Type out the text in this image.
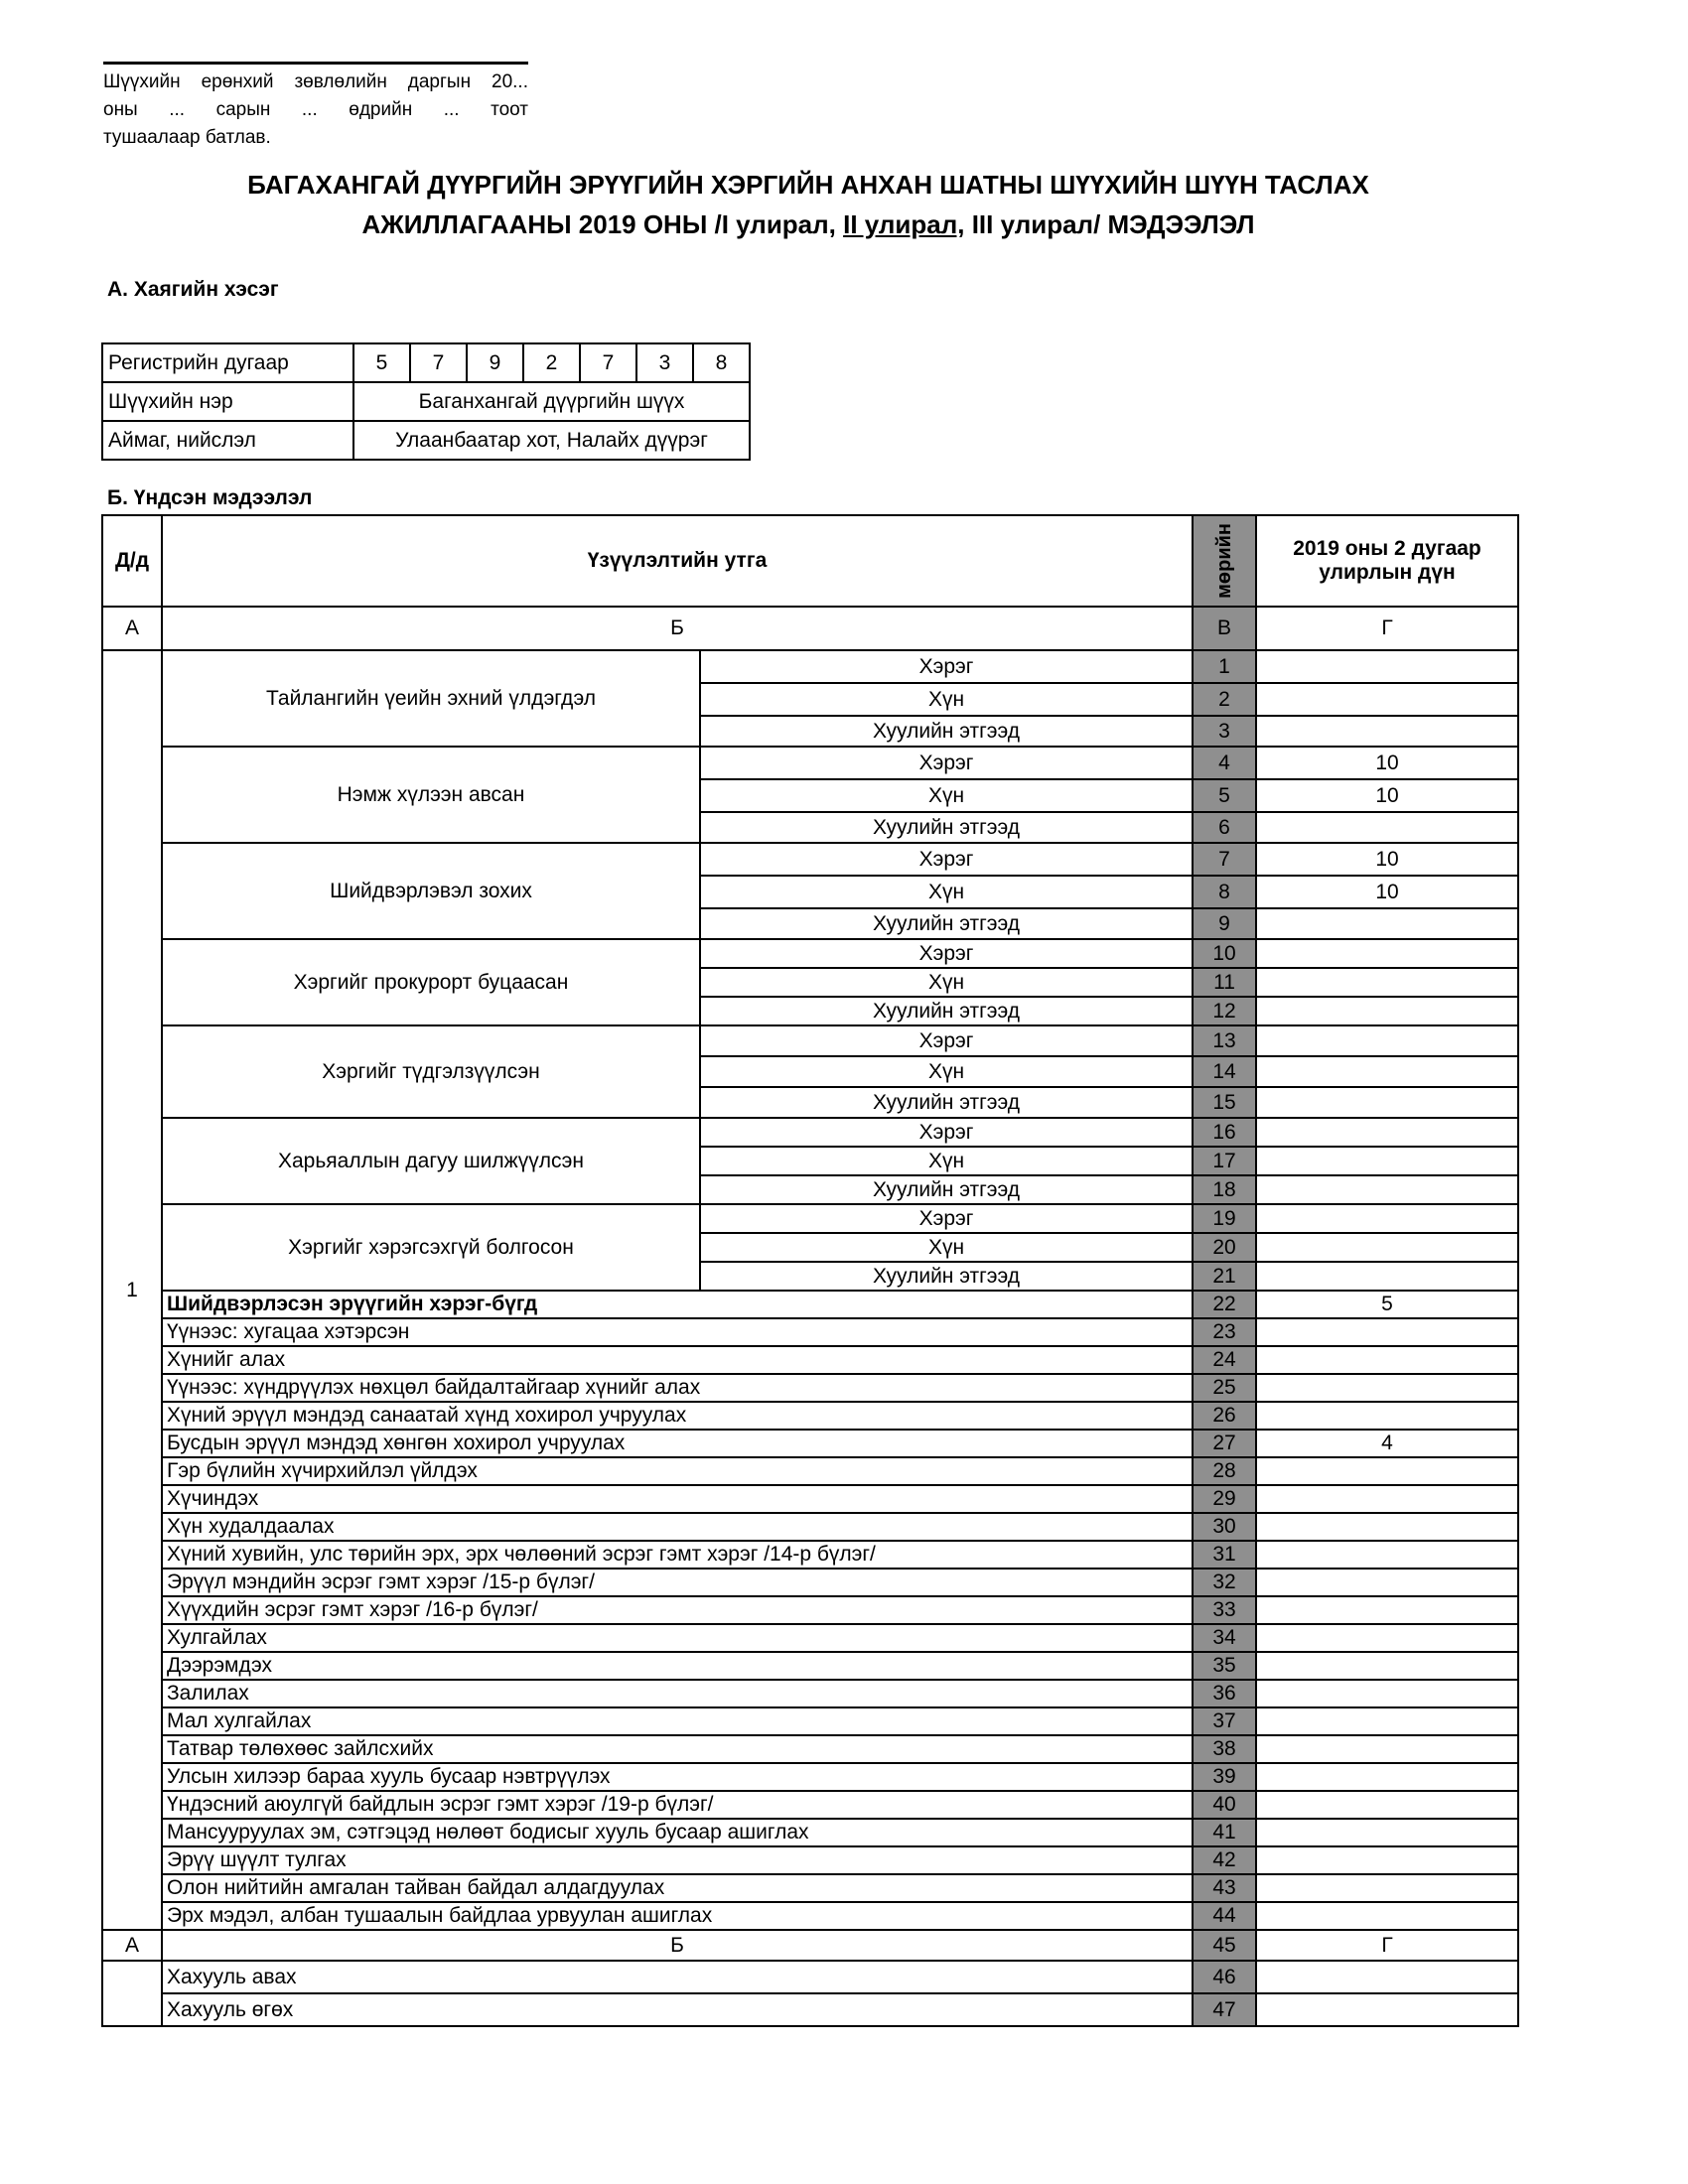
Шүүхийн ерөнхий зөвлөлийн даргын 20...
оны ... сарын ... өдрийн ... тоот
тушаалаар батлав.
БАГАХАНГАЙ ДҮҮРГИЙН ЭРҮҮГИЙН ХЭРГИЙН АНХАН ШАТНЫ ШҮҮХИЙН ШҮҮН ТАСЛАХ
АЖИЛЛАГААНЫ 2019 ОНЫ /I улирал, II улирал, III улирал/ МЭДЭЭЛЭЛ
А. Хаягийн хэсэг
Регистрийн дугаар	5	7	9	2	7	3	8
Шүүхийн нэр	Баганхангай дүүргийн шүүх						
Аймаг, нийслэл	Улаанбаатар хот, Налайх дүүрэг						
Б. Үндсэн мэдээлэл
Д/д	Үзүүлэлтийн утга		мөрийн	2019 оны 2 дугаар улирлын дүн
А	Б		В	Г
1	Тайлангийн үеийн эхний үлдэгдэл	Хэрэг	1	
		Хүн	2	
		Хуулийн этгээд	3	
	Нэмж хүлээн авсан	Хэрэг	4	10
		Хүн	5	10
		Хуулийн этгээд	6	
	Шийдвэрлэвэл зохих	Хэрэг	7	10
		Хүн	8	10
		Хуулийн этгээд	9	
	Хэргийг прокурорт буцаасан	Хэрэг	10	
		Хүн	11	
		Хуулийн этгээд	12	
	Хэргийг түдгэлзүүлсэн	Хэрэг	13	
		Хүн	14	
		Хуулийн этгээд	15	
	Харьяаллын дагуу шилжүүлсэн	Хэрэг	16	
		Хүн	17	
		Хуулийн этгээд	18	
	Хэргийг хэрэгсэхгүй болгосон	Хэрэг	19	
		Хүн	20	
		Хуулийн этгээд	21	
	Шийдвэрлэсэн эрүүгийн хэрэг-бүгд		22	5
	Үүнээс: хугацаа хэтэрсэн		23	
	Хүнийг алах		24	
	Үүнээс: хүндрүүлэх нөхцөл байдалтайгаар хүнийг алах		25	
	Хүний эрүүл мэндэд санаатай хүнд хохирол учруулах		26	
	Бусдын эрүүл мэндэд хөнгөн хохирол учруулах		27	4
	Гэр бүлийн хүчирхийлэл үйлдэх		28	
	Хүчиндэх		29	
	Хүн худалдаалах		30	
	Хүний хувийн, улс төрийн эрх, эрх чөлөөний эсрэг гэмт хэрэг /14-р бүлэг/		31	
	Эрүүл мэндийн эсрэг гэмт хэрэг /15-р бүлэг/		32	
	Хүүхдийн эсрэг гэмт хэрэг /16-р бүлэг/		33	
	Хулгайлах		34	
	Дээрэмдэх		35	
	Залилах		36	
	Мал хулгайлах		37	
	Татвар төлөхөөс зайлсхийх		38	
	Улсын хилээр бараа хууль бусаар нэвтрүүлэх		39	
	Үндэсний аюулгүй байдлын эсрэг гэмт хэрэг /19-р бүлэг/		40	
	Мансууруулах эм, сэтгэцэд нөлөөт бодисыг хууль бусаар ашиглах		41	
	Эрүү шүүлт тулгах		42	
	Олон нийтийн амгалан тайван байдал алдагдуулах		43	
	Эрх мэдэл, албан тушаалын байдлаа урвуулан ашиглах		44	
А	Б		45	Г
	Хахууль авах		46	
	Хахууль өгөх		47	
